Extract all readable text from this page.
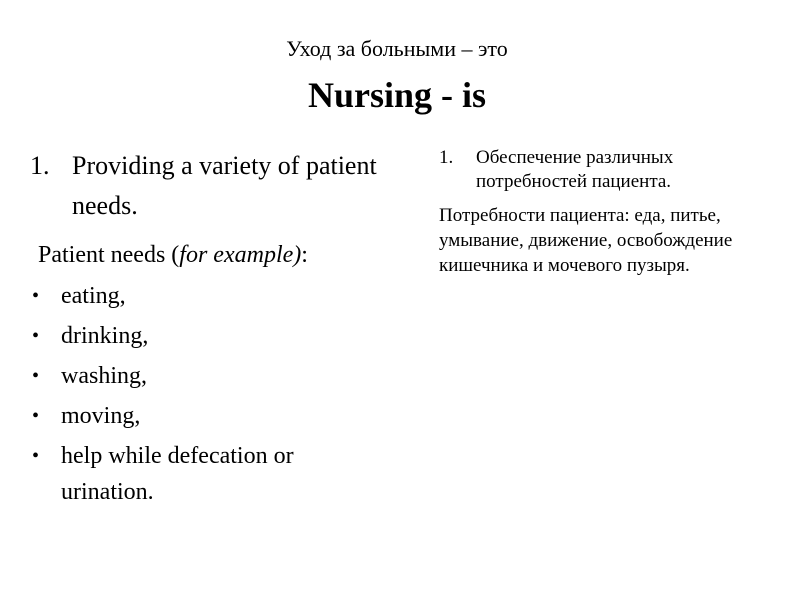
Уход за больными – это
Nursing - is
1. Providing a variety of patient needs.
Patient needs (for example):
• eating,
• drinking,
• washing,
• moving,
• help while defecation or urination.
1.	Обеспечение различных потребностей пациента.
Потребности пациента: еда, питье, умывание, движение, освобождение кишечника и мочевого пузыря.
